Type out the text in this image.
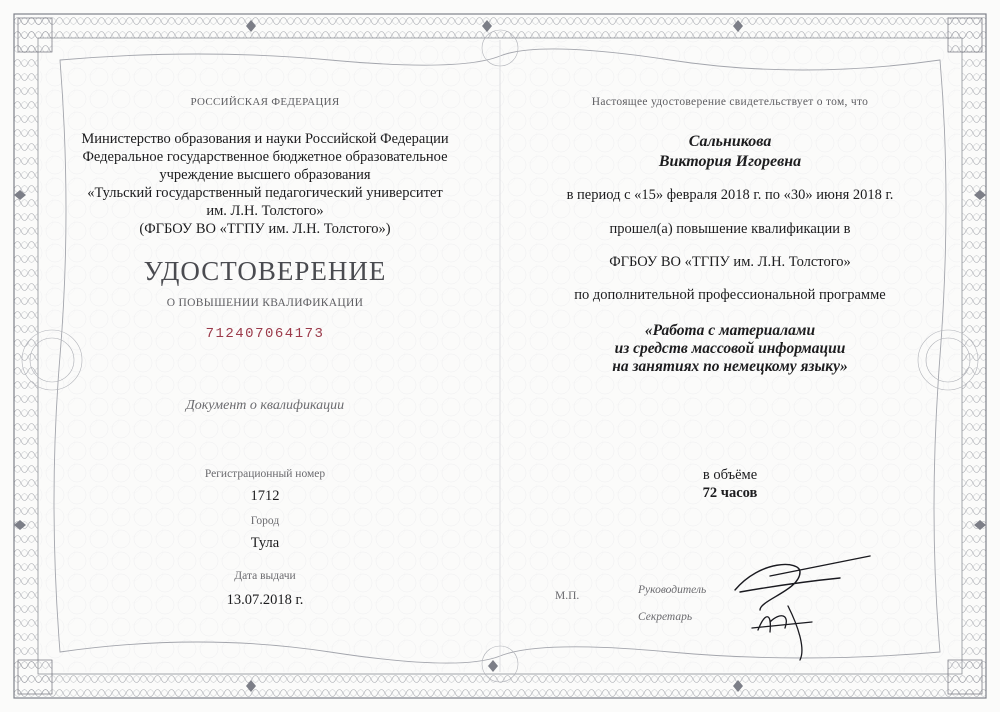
РОССИЙСКАЯ ФЕДЕРАЦИЯ

Министерство образования и науки Российской Федерации

Федеральное государственное бюджетное образовательное

учреждение высшего образования

«Тульский государственный педагогический университет

им. Л.Н. Толстого»

(ФГБОУ ВО «ТГПУ им. Л.Н. Толстого»)

УДОСТОВЕРЕНИЕ

О ПОВЫШЕНИИ КВАЛИФИКАЦИИ

712407064173

Документ о квалификации

Регистрационный номер

1712

Город

Тула

Дата выдачи

13.07.2018 г.

Настоящее удостоверение свидетельствует о том, что

Сальникова

Виктория Игоревна

в период с «15» февраля 2018 г. по «30» июня 2018 г.

прошел(а) повышение квалификации в

ФГБОУ ВО «ТГПУ им. Л.Н. Толстого»

по дополнительной профессиональной программе

«Работа с материалами

из средств массовой информации

на занятиях по немецкому языку»

в объёме

72 часов

М.П.	Руководитель

Секретарь
